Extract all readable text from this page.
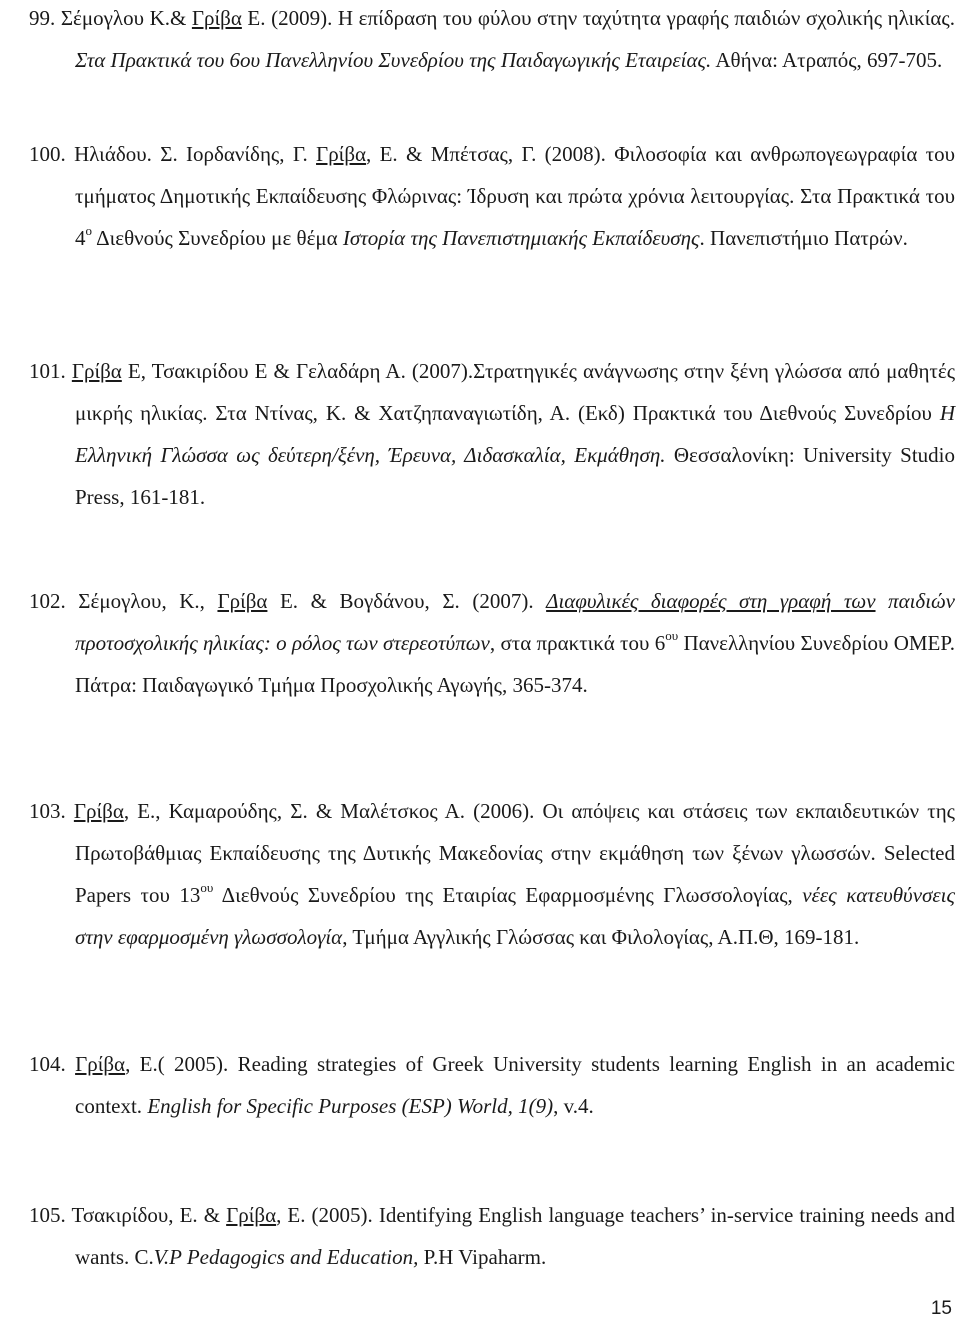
99. Σέμογλου Κ.& Γρίβα Ε. (2009). Η επίδραση του φύλου στην ταχύτητα γραφής παιδιών σχολικής ηλικίας. Στα Πρακτικά του 6ου Πανελληνίου Συνεδρίου της Παιδαγωγικής Εταιρείας. Αθήνα: Ατραπός, 697-705.
100. Ηλιάδου. Σ. Ιορδανίδης, Γ. Γρίβα, Ε. & Μπέτσας, Γ. (2008). Φιλοσοφία και ανθρωπογεωγραφία του τμήματος Δημοτικής Εκπαίδευσης Φλώρινας: Ίδρυση και πρώτα χρόνια λειτουργίας. Στα Πρακτικά του $4^o$ Διεθνούς Συνεδρίου με θέμα Ιστορία της Πανεπιστημιακής Εκπαίδευσης. Πανεπιστήμιο Πατρών.
101. Γρίβα Ε, Τσακιρίδου Ε & Γελαδάρη Α. (2007).Στρατηγικές ανάγνωσης στην ξένη γλώσσα από μαθητές μικρής ηλικίας. Στα Ντίνας, Κ. & Χατζηπαναγιωτίδη, Α. (Εκδ) Πρακτικά του Διεθνούς Συνεδρίου Η Ελληνική Γλώσσα ως δεύτερη/ξένη, Έρευνα, Διδασκαλία, Εκμάθηση. Θεσσαλονίκη: University Studio Press, 161-181.
102. Σέμογλου, Κ., Γρίβα Ε. & Βογδάνου, Σ. (2007). Διαφυλικές διαφορές στη γραφή των παιδιών προτοσχολικής ηλικίας: ο ρόλος των στερεοτύπων, στα πρακτικά του $6^{o\upsilon}$ Πανελληνίου Συνεδρίου ΟΜΕΡ. Πάτρα: Παιδαγωγικό Τμήμα Προσχολικής Αγωγής, 365-374.
103. Γρίβα, Ε., Καμαρούδης, Σ. & Μαλέτσκος Α. (2006). Οι απόψεις και στάσεις των εκπαιδευτικών της Πρωτοβάθμιας Εκπαίδευσης της Δυτικής Μακεδονίας στην εκμάθηση των ξένων γλωσσών. Selected Papers του $13^{o\upsilon}$ Διεθνούς Συνεδρίου της Εταιρίας Εφαρμοσμένης Γλωσσολογίας, νέες κατευθύνσεις στην εφαρμοσμένη γλωσσολογία, Τμήμα Αγγλικής Γλώσσας και Φιλολογίας, Α.Π.Θ, 169-181.
104. Γρίβα, Ε.( 2005). Reading strategies of Greek University students learning English in an academic context. English for Specific Purposes (ESP) World, 1(9), v.4.
105. Τσακιρίδου, Ε. & Γρίβα, Ε. (2005). Identifying English language teachers’ in-service training needs and wants. C.V.P Pedagogics and Education, P.H Vipaharm.
15
